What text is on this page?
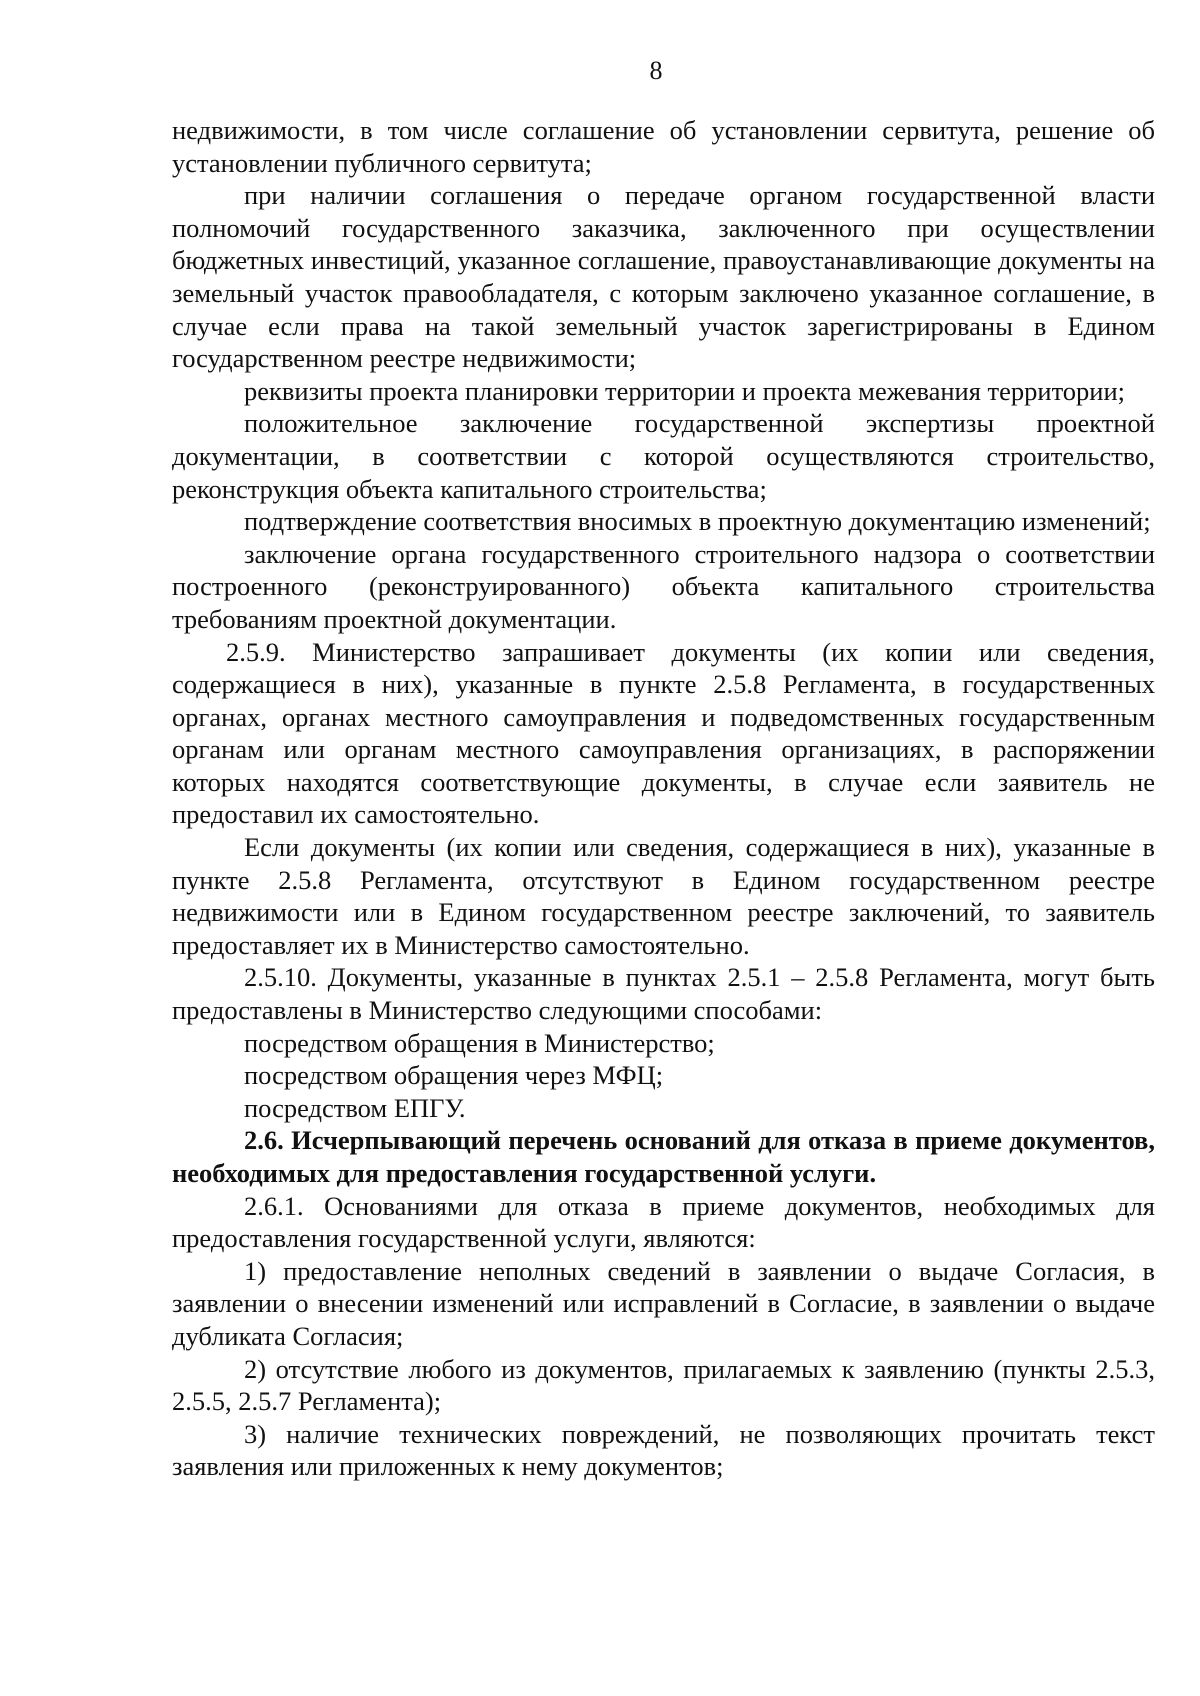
8

недвижимости, в том числе соглашение об установлении сервитута, решение об установлении публичного сервитута;

при наличии соглашения о передаче органом государственной власти полномочий государственного заказчика, заключенного при осуществлении бюджетных инвестиций, указанное соглашение, правоустанавливающие документы на земельный участок правообладателя, с которым заключено указанное соглашение, в случае если права на такой земельный участок зарегистрированы в Едином государственном реестре недвижимости;

реквизиты проекта планировки территории и проекта межевания территории;

положительное заключение государственной экспертизы проектной документации, в соответствии с которой осуществляются строительство, реконструкция объекта капитального строительства;

подтверждение соответствия вносимых в проектную документацию изменений;

заключение органа государственного строительного надзора о соответствии построенного (реконструированного) объекта капитального строительства требованиям проектной документации.

2.5.9. Министерство запрашивает документы (их копии или сведения, содержащиеся в них), указанные в пункте 2.5.8 Регламента, в государственных органах, органах местного самоуправления и подведомственных государственным органам или органам местного самоуправления организациях, в распоряжении которых находятся соответствующие документы, в случае если заявитель не предоставил их самостоятельно.

Если документы (их копии или сведения, содержащиеся в них), указанные в пункте 2.5.8 Регламента, отсутствуют в Едином государственном реестре недвижимости или в Едином государственном реестре заключений, то заявитель предоставляет их в Министерство самостоятельно.

2.5.10. Документы, указанные в пунктах 2.5.1 – 2.5.8 Регламента, могут быть предоставлены в Министерство следующими способами:

посредством обращения в Министерство;

посредством обращения через МФЦ;

посредством ЕПГУ.

2.6. Исчерпывающий перечень оснований для отказа в приеме документов, необходимых для предоставления государственной услуги.

2.6.1. Основаниями для отказа в приеме документов, необходимых для предоставления государственной услуги, являются:

1) предоставление неполных сведений в заявлении о выдаче Согласия, в заявлении о внесении изменений или исправлений в Согласие, в заявлении о выдаче дубликата Согласия;

2) отсутствие любого из документов, прилагаемых к заявлению (пункты 2.5.3, 2.5.5, 2.5.7 Регламента);

3) наличие технических повреждений, не позволяющих прочитать текст заявления или приложенных к нему документов;
